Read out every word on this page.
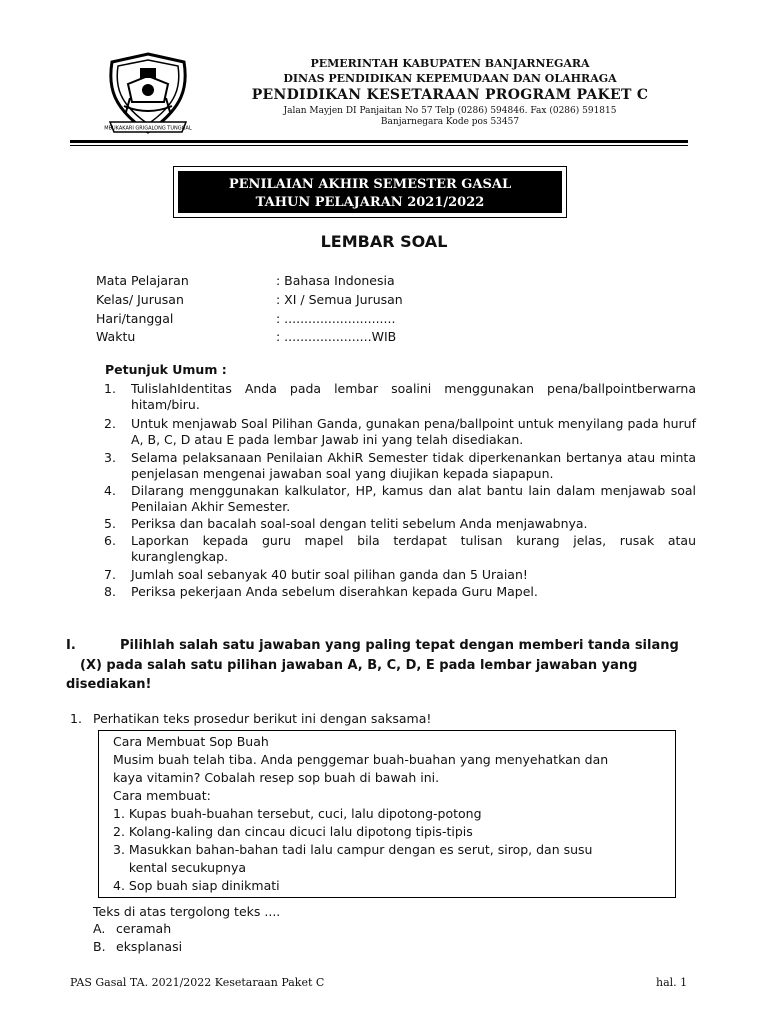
MBUKAKARI GRIGALONG TUNGGAL
PEMERINTAH KABUPATEN BANJARNEGARA
DINAS PENDIDIKAN KEPEMUDAAN DAN OLAHRAGA
PENDIDIKAN KESETARAAN PROGRAM PAKET C
Jalan Mayjen DI Panjaitan No 57 Telp (0286) 594846. Fax (0286) 591815
Banjarnegara Kode pos 53457
PENILAIAN AKHIR SEMESTER GASAL
TAHUN PELAJARAN 2021/2022
LEMBAR SOAL
Mata Pelajaran	: Bahasa Indonesia
Kelas/ Jurusan	: XI / Semua Jurusan
Hari/tanggal	: ............................
Waktu	: ......................WIB
Petunjuk Umum :
1.	TulislahIdentitas Anda pada lembar soalini menggunakan pena/ballpointberwarna hitam/biru.
2.	Untuk menjawab Soal Pilihan Ganda, gunakan pena/ballpoint untuk menyilang pada huruf A, B, C, D atau E pada lembar Jawab ini yang telah disediakan.
3.	Selama pelaksanaan Penilaian AkhiR Semester tidak diperkenankan bertanya atau minta penjelasan mengenai jawaban soal yang diujikan kepada siapapun.
4.	Dilarang menggunakan kalkulator, HP, kamus dan alat bantu lain dalam menjawab soal Penilaian Akhir Semester.
5.	Periksa dan bacalah soal-soal dengan teliti sebelum Anda menjawabnya.
6.	Laporkan kepada guru mapel bila terdapat tulisan kurang jelas, rusak atau kuranglengkap.
7.	Jumlah soal sebanyak 40 butir soal pilihan ganda dan 5 Uraian!
8.	Periksa pekerjaan Anda sebelum diserahkan kepada Guru Mapel.
I.	Pilihlah salah satu jawaban yang paling tepat dengan memberi tanda silang
(X) pada salah satu pilihan jawaban A, B, C, D, E pada lembar jawaban yang
disediakan!
1. Perhatikan teks prosedur berikut ini dengan saksama!
Cara Membuat Sop Buah
Musim buah telah tiba. Anda penggemar buah-buahan yang menyehatkan dan
kaya vitamin? Cobalah resep sop buah di bawah ini.
Cara membuat:
1. Kupas buah-buahan tersebut, cuci, lalu dipotong-potong
2. Kolang-kaling dan cincau dicuci lalu dipotong tipis-tipis
3. Masukkan bahan-bahan tadi lalu campur dengan es serut, sirop, dan susu
kental secukupnya
4. Sop buah siap dinikmati
Teks di atas tergolong teks ....
A. ceramah
B. eksplanasi
PAS Gasal TA. 2021/2022 Kesetaraan Paket C	hal. 1
